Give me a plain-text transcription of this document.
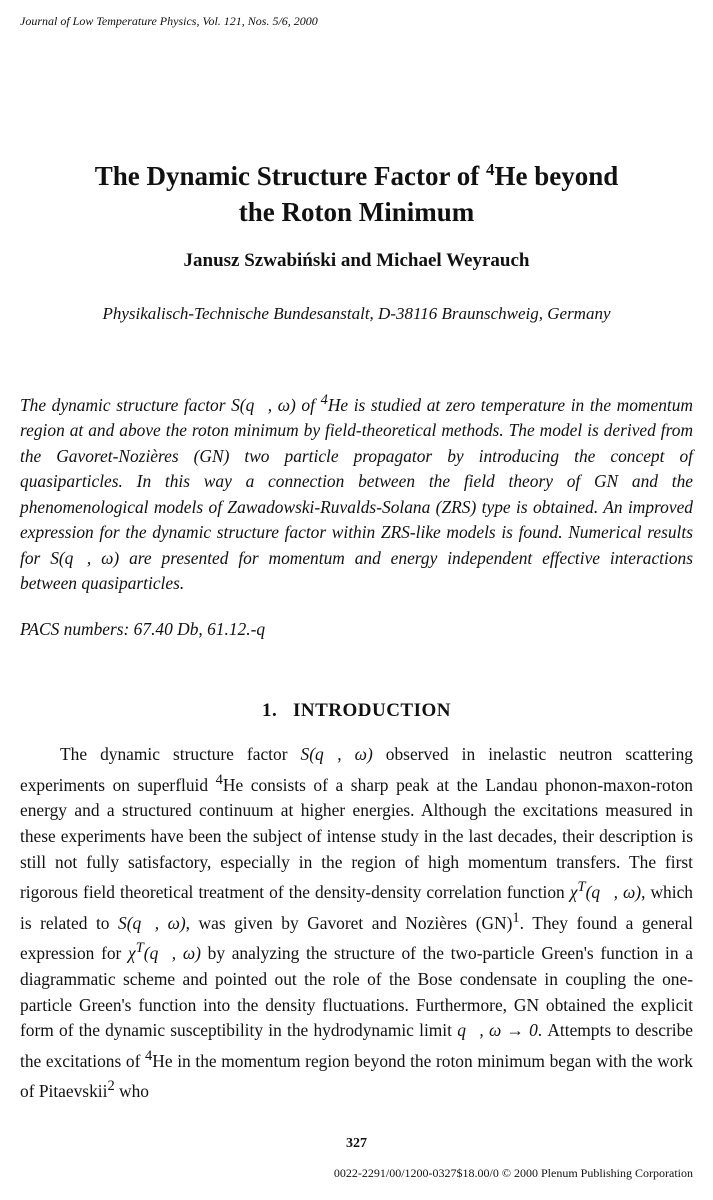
Journal of Low Temperature Physics, Vol. 121, Nos. 5/6, 2000
The Dynamic Structure Factor of $^4$He beyond
the Roton Minimum
Janusz Szwabiński and Michael Weyrauch
Physikalisch-Technische Bundesanstalt, D-38116 Braunschweig, Germany

The dynamic structure factor S(q⃗, ω) of $^4$He is studied at zero temperature in the momentum region at and above the roton minimum by field-theoretical methods. The model is derived from the Gavoret-Nozières (GN) two particle propagator by introducing the concept of quasiparticles. In this way a connection between the field theory of GN and the phenomenological models of Zawadowski-Ruvalds-Solana (ZRS) type is obtained. An improved expression for the dynamic structure factor within ZRS-like models is found. Numerical results for S(q⃗, ω) are presented for momentum and energy independent effective interactions between quasiparticles.

PACS numbers: 67.40 Db, 61.12.-q
1. INTRODUCTION

The dynamic structure factor S(q⃗, ω) observed in inelastic neutron scattering experiments on superfluid $^4$He consists of a sharp peak at the Landau phonon-maxon-roton energy and a structured continuum at higher energies. Although the excitations measured in these experiments have been the subject of intense study in the last decades, their description is still not fully satisfactory, especially in the region of high momentum transfers. The first rigorous field theoretical treatment of the density-density correlation function $\chi^T(q⃗$, ω), which is related to S(q⃗, ω), was given by Gavoret and Nozières (GN)$^1$. They found a general expression for $\chi^T(q⃗$, ω) by analyzing the structure of the two-particle Green's function in a diagrammatic scheme and pointed out the role of the Bose condensate in coupling the one-particle Green's function into the density fluctuations. Furthermore, GN obtained the explicit form of the dynamic susceptibility in the hydrodynamic limit q⃗, ω → 0. Attempts to describe the excitations of $^4$He in the momentum region beyond the roton minimum began with the work of Pitaevskii$^2$ who

327
0022-2291/00/1200-0327$18.00/0 © 2000 Plenum Publishing Corporation
